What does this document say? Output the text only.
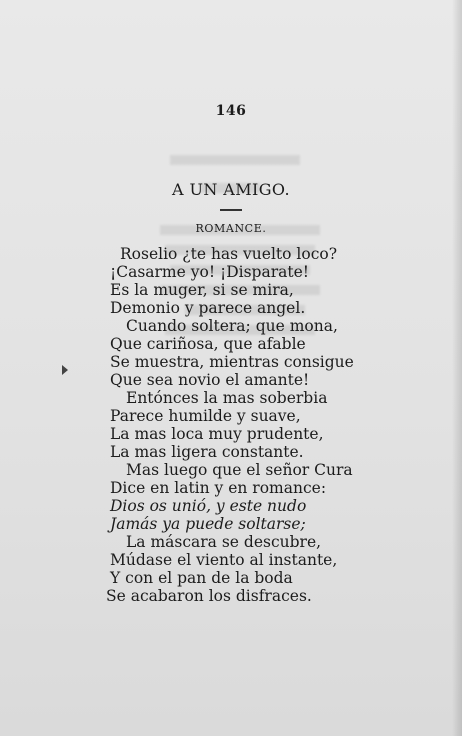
146
A UN AMIGO.
ROMANCE.
Roselio ¿te has vuelto loco?
¡Casarme yo! ¡Disparate!
Es la muger, si se mira,
Demonio y parece angel.
Cuando soltera; que mona,
Que cariñosa, que afable
Se muestra, mientras consigue
Que sea novio el amante!
Entónces la mas soberbia
Parece humilde y suave,
La mas loca muy prudente,
La mas ligera constante.
Mas luego que el señor Cura
Dice en latin y en romance:
Dios os unió, y este nudo
Jamás ya puede soltarse;
La máscara se descubre,
Múdase el viento al instante,
Y con el pan de la boda
Se acabaron los disfraces.
